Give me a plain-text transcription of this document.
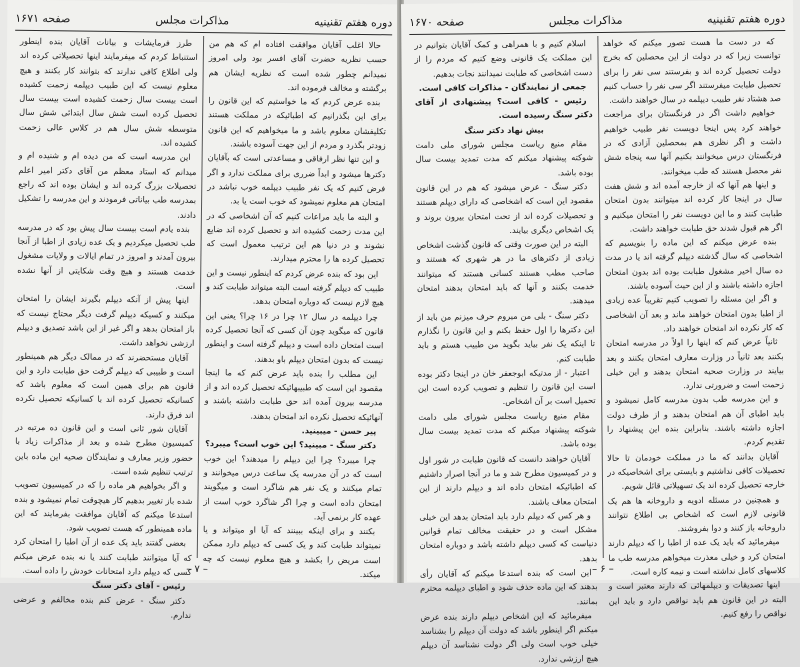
دوره هفتم تقنینیه
مذاکرات مجلس
صفحه ۱۶۷۱

حالا اغلب آقایان موافقت افتاده ام که هم من حسب نظریه حضرت آقای افسر بود ولی امروز نمیدانم چطور شده است که نظریه ایشان هم برگشته و مخالف فرموده اند.

بنده عرض کردم که ما خواستیم که این قانون را برای این بگذرانیم که اطبائیکه در مملکت هستند تکلیفشان معلوم باشد و ما میخواهیم که این قانون زودتر بگذرد و مردم از این جهت آسوده باشند.

و این تنها نظر ارفاقی و مساعدتی است که بآقایان دکترها میشود و ابداً ضرری برای مملکت ندارد و اگر فرض کنیم که یک نفر طبیب دیپلمه خوب نباشد در امتحان هم معلوم نمیشود که خوب است یا بد.

و البته ما باید مراعات کنیم که آن اشخاصی که در این مدت زحمت کشیده اند و تحصیل کرده اند ضایع نشوند و در دنیا هم این ترتیب معمول است که تحصیل کرده ها را محترم میدارند.

این بود که بنده عرض کردم که اینطور نیست و این طبیب که دیپلم گرفته است البته میتواند طبابت کند و هیچ لازم نیست که دوباره امتحان بدهد.

چرا دیپلمه در سال ۱۲ چرا در ۱۶ چرا؟ یعنی این قانون که میگوید چون آن کسی که آنجا تحصیل کرده است امتحان داده است و دیپلم گرفته است و اینطور نیست که بدون امتحان دیپلم باو بدهند.

این مطلب را بنده باید عرض کنم که ما اینجا مقصود این است که طبیبهائیکه تحصیل کرده اند و از مدرسه بیرون آمده اند حق طبابت داشته باشند و آنهائیکه تحصیل نکرده اند امتحان بدهند.

پیر حسن - میبینید.

دکتر سنگ - مبینید؟ این خوب است؟ میبرد؟

چرا میبرد؟ چرا این دیپلم را میدهند؟ این خوب است که در آن مدرسه یک ساعت درس میخوانند و تمام میکنند و یک نفر هم شاگرد است و میگویند امتحان داده است و چرا اگر شاگرد خوب است از عهده کار برنمی آید.

بکنند و برای اینکه ببینند که آیا او میتواند و یا نمیتواند طبابت کند و یک کسی که دیپلم دارد ممکن است مریض را بکشد و هیچ معلوم نیست که چه میکند.

طرز فرمایشات و بیانات آقایان بنده اینطور استنباط کردم که میفرمایند اینها تحصیلاتی کرده اند ولی اطلاع کافی ندارند که بتوانند کار بکنند و هیچ معلوم نیست که این طبیب دیپلمه زحمت کشیده است بیست سال زحمت کشیده است بیست سال تحصیل کرده است شش سال ابتدائی شش سال متوسطه شش سال هم در کلاس عالی زحمت کشیده اند.

این مدرسه است که من دیده ام و شنیده ام و میدانم که استاد معظم من آقای دکتر امیر اعلم تحصیلات بزرگ کرده اند و ایشان بوده اند که راجع بمدرسه طب بیاناتی فرمودند و این مدرسه را تشکیل دادند.

بنده یادم است بیست سال پیش بود که در مدرسه طب تحصیل میکردیم و یک عده زیادی از اطبا از آنجا بیرون آمدند و امروز در تمام ایالات و ولایات مشغول خدمت هستند و هیچ وقت شکایتی از آنها نشده است.

اینها پیش از آنکه دیپلم بگیرند ایشان را امتحان میکنند و کسیکه دیپلم گرفت دیگر محتاج نیست که باز امتحان بدهد و اگر غیر از این باشد تصدیق و دیپلم ارزشی نخواهد داشت.

آقایان مستحضرند که در ممالک دیگر هم همینطور است و طبیبی که دیپلم گرفت حق طبابت دارد و این قانون هم برای همین است که معلوم باشد که کسانیکه تحصیل کرده اند با کسانیکه تحصیل نکرده اند فرق دارند.

آقایان شور ثانی است و این قانون ده مرتبه در کمیسیون مطرح شده و بعد از مذاکرات زیاد با حضور وزیر معارف و نمایندگان صحیه این ماده باین ترتیب تنظیم شده است.

و اگر بخواهیم هر ماده را که در کمیسیون تصویب شده باز تغییر بدهیم کار هیچوقت تمام نمیشود و بنده استدعا میکنم که آقایان موافقت بفرمایند که این ماده همینطور که هست تصویب شود.

بعضی گفتند باید یک عده از آن اطبا را امتحان کرد که آیا میتوانند طبابت کنند یا نه بنده عرض میکنم کسی که دیپلم دارد امتحانات خودش را داده است.

رئیس - آقای دکتر سنگ

دکتر سنگ - عرض کنم بنده مخالفم و عرضی ندارم.

– ۷ –
دوره هفتم تقنینیه
مذاکرات مجلس
صفحه ۱۶۷۰

که در دست ما هست تصور میکنم که خواهد توانست زیرا که در دولت از این محصلین که بخرج دولت تحصیل کرده اند و بفرستند سی نفر را برای تحصیل طبابت میفرستند اگر سی نفر را حساب کنیم صد هشتاد نفر طبیب دیپلمه در سال خواهند داشت.

خواهیم داشت اگر در فرنگستان برای مراجعت خواهند کرد پس اینجا دویست نفر طبیب خواهیم داشت و اگر نظری هم بمحصلین آزادی که در فرنگستان درس میخوانند بکنیم آنها سه پنجاه شش نفر محصل هستند که طب میخوانند.

و اینها هم آنها که از خارجه آمده اند و شش هفت سال در اینجا کار کرده اند میتوانند بدون امتحان طبابت کنند و ما این دویست نفر را امتحان میکنیم و اگر هم قبول شدند حق طبابت خواهند داشت.

بنده عرض میکنم که این ماده را بنویسیم که اشخاصی که سال گذشته دیپلم گرفته اند یا در مدت ده سال اخیر مشغول طبابت بوده اند بدون امتحان اجازه داشته باشند و از این حیث آسوده باشند.

و اگر این مسئله را تصویب کنیم تقریباً عده زیادی از اطبا بدون امتحان خواهند ماند و بعد آن اشخاصی که کار نکرده اند امتحان خواهند داد.

ثانیاً عرض کنم که اینها را اولاً در مدرسه امتحان بکنند بعد ثانیاً در وزارت معارف امتحان بکنند و بعد بیایند در وزارت صحیه امتحان بدهند و این خیلی زحمت است و ضرورتی ندارد.

و این مدرسه طب بدون مدرسه کامل نمیشود و باید اطبای آن هم امتحان بدهند و از طرف دولت اجازه داشته باشند. بنابراین بنده این پیشنهاد را تقدیم کردم.

آقایان بدانند که ما در مملکت خودمان تا حالا تحصیلات کافی نداشتیم و بایستی برای اشخاصیکه در خارجه تحصیل کرده اند یک تسهیلاتی قائل شویم.

و همچنین در مسئله ادویه و داروخانه ها هم یک قانونی لازم است که اشخاص بی اطلاع نتوانند داروخانه باز کنند و دوا بفروشند.

میفرمائید که باید یک عده از اطبا را که دیپلم دارند امتحان کرد و خیلی معذرت میخواهم مدرسه طب ما کلاسهای کامل نداشته است و نیمه کاره است.

اینها تصدیقات و دیپلمهائی که دارند معتبر است و البته در این قانون هم باید نواقص دارد و باید این نواقص را رفع کنیم.

اسلام کنیم و با همراهی و کمک آقایان بتوانیم در این مملکت یک قانونی وضع کنیم که مردم را از دست اشخاصی که طبابت نمیدانند نجات بدهیم.

جمعی از نمایندگان - مذاکرات کافی است.

رئیس - کافی است؟ پیشنهادی از آقای دکتر سنگ رسیده است.

بیش نهاد دکتر سنگ

مقام منیع ریاست مجلس شورای ملی دامت شوکته پیشنهاد میکنم که مدت تمدید بیست سال بوده باشد.

دکتر سنگ - عرض میشود که هم در این قانون مقصود این است که اشخاصی که دارای دیپلم هستند و تحصیلات کرده اند از تحت امتحان بیرون بروند و یک اشخاص دیگری بیایند.

البته در این صورت وقتی که قانون گذشت اشخاص زیادی از دکترهای ما در هر شهری که هستند و صاحب مطب هستند کسانی هستند که میتوانند خدمت بکنند و آنها که باید امتحان بدهند امتحان میدهند.

دکتر سنگ - بلی من میروم حرف میزنم من باید از این دکترها را اول حفظ بکنم و این قانون را نگذارم تا اینکه یک نفر بیاید بگوید من طبیب هستم و باید طبابت کنم.

اعتبار - از مدتیکه ابوجعفر خان در اینجا دکتر بوده است این قانون را تنظیم و تصویب کرده است این تحمیل است بر آن اشخاص.

مقام منیع ریاست مجلس شورای ملی دامت شوکته پیشنهاد میکنم که مدت تمدید بیست سال بوده باشد.

آقایان خواهند دانست که قانون طبابت در شور اول و در کمیسیون مطرح شد و ما در آنجا اصرار داشتیم که اطبائیکه امتحان داده اند و دیپلم دارند از این امتحان معاف باشند.

و هر کس که دیپلم دارد باید امتحان بدهد این خیلی مشکل است و در حقیقت مخالف تمام قوانین دنیاست که کسی دیپلم داشته باشد و دوباره امتحان بدهد.

این است که بنده استدعا میکنم که آقایان رأی بدهند که این ماده حذف شود و اطبای دیپلمه محترم بمانند.

میفرمائید که این اشخاص دیپلم دارند بنده عرض میکنم اگر اینطور باشد که دولت آن دیپلم را بشناسد خیلی خوب است ولی اگر دولت نشناسد آن دیپلم هیچ ارزشی ندارد.

– ۶ –
